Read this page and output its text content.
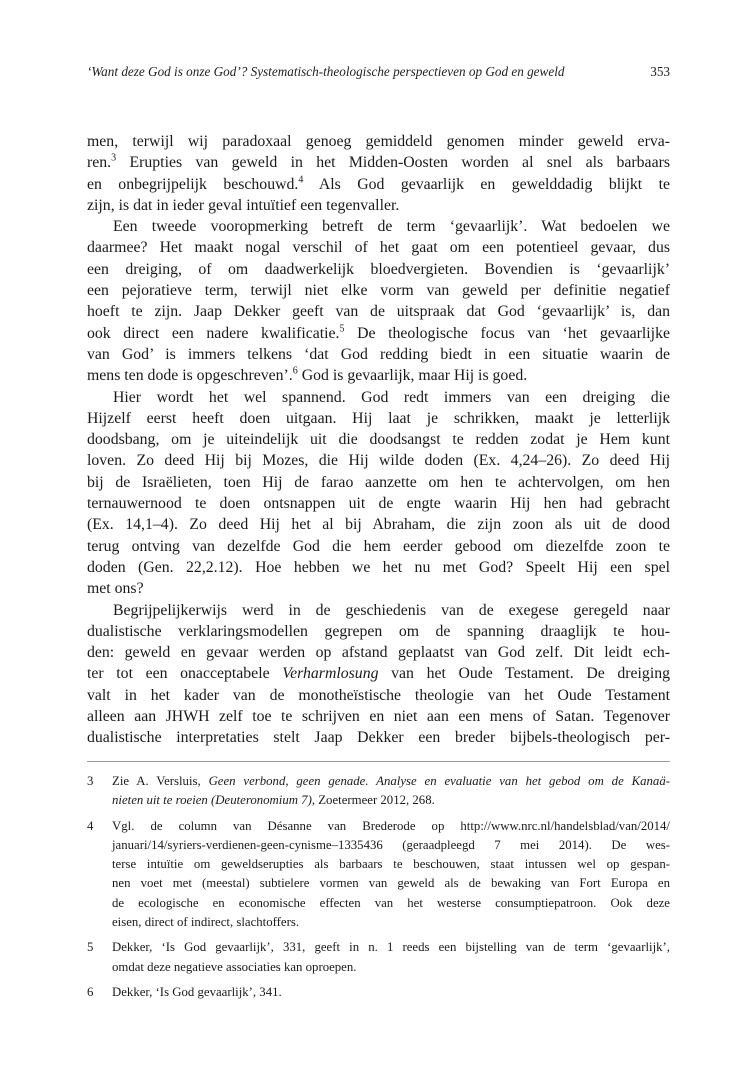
‘Want deze God is onze God’? Systematisch-theologische perspectieven op God en geweld	353
men, terwijl wij paradoxaal genoeg gemiddeld genomen minder geweld erva-
ren.$^3$ Erupties van geweld in het Midden-Oosten worden al snel als barbaars
en onbegrijpelijk beschouwd.$^4$ Als God gevaarlijk en gewelddadig blijkt te
zijn, is dat in ieder geval intuïtief een tegenvaller.
Een tweede vooropmerking betreft de term ‘gevaarlijk’. Wat bedoelen we
daarmee? Het maakt nogal verschil of het gaat om een potentieel gevaar, dus
een dreiging, of om daadwerkelijk bloedvergieten. Bovendien is ‘gevaarlijk’
een pejoratieve term, terwijl niet elke vorm van geweld per definitie negatief
hoeft te zijn. Jaap Dekker geeft van de uitspraak dat God ‘gevaarlijk’ is, dan
ook direct een nadere kwalificatie.$^5$ De theologische focus van ‘het gevaarlijke
van God’ is immers telkens ‘dat God redding biedt in een situatie waarin de
mens ten dode is opgeschreven’.$^6$ God is gevaarlijk, maar Hij is goed.
Hier wordt het wel spannend. God redt immers van een dreiging die
Hijzelf eerst heeft doen uitgaan. Hij laat je schrikken, maakt je letterlijk
doodsbang, om je uiteindelijk uit die doodsangst te redden zodat je Hem kunt
loven. Zo deed Hij bij Mozes, die Hij wilde doden (Ex. 4,24–26). Zo deed Hij
bij de Israëlieten, toen Hij de farao aanzette om hen te achtervolgen, om hen
ternauwernood te doen ontsnappen uit de engte waarin Hij hen had gebracht
(Ex. 14,1–4). Zo deed Hij het al bij Abraham, die zijn zoon als uit de dood
terug ontving van dezelfde God die hem eerder gebood om diezelfde zoon te
doden (Gen. 22,2.12). Hoe hebben we het nu met God? Speelt Hij een spel
met ons?
Begrijpelijkerwijs werd in de geschiedenis van de exegese geregeld naar
dualistische verklaringsmodellen gegrepen om de spanning draaglijk te hou-
den: geweld en gevaar werden op afstand geplaatst van God zelf. Dit leidt ech-
ter tot een onacceptabele Verharmlosung van het Oude Testament. De dreiging
valt in het kader van de monotheïstische theologie van het Oude Testament
alleen aan JHWH zelf toe te schrijven en niet aan een mens of Satan. Tegenover
dualistische interpretaties stelt Jaap Dekker een breder bijbels-theologisch per-
3 Zie A. Versluis, Geen verbond, geen genade. Analyse en evaluatie van het gebod om de Kanaä-
nieten uit te roeien (Deuteronomium 7), Zoetermeer 2012, 268.
4 Vgl. de column van Désanne van Brederode op http://www.nrc.nl/handelsblad/van/2014/
januari/14/syriers-verdienen-geen-cynisme–1335436 (geraadpleegd 7 mei 2014). De wes-
terse intuïtie om geweldserupties als barbaars te beschouwen, staat intussen wel op gespan-
nen voet met (meestal) subtielere vormen van geweld als de bewaking van Fort Europa en
de ecologische en economische effecten van het westerse consumptiepatroon. Ook deze
eisen, direct of indirect, slachtoffers.
5 Dekker, ‘Is God gevaarlijk’, 331, geeft in n. 1 reeds een bijstelling van de term ‘gevaarlijk’,
omdat deze negatieve associaties kan oproepen.
6 Dekker, ‘Is God gevaarlijk’, 341.
